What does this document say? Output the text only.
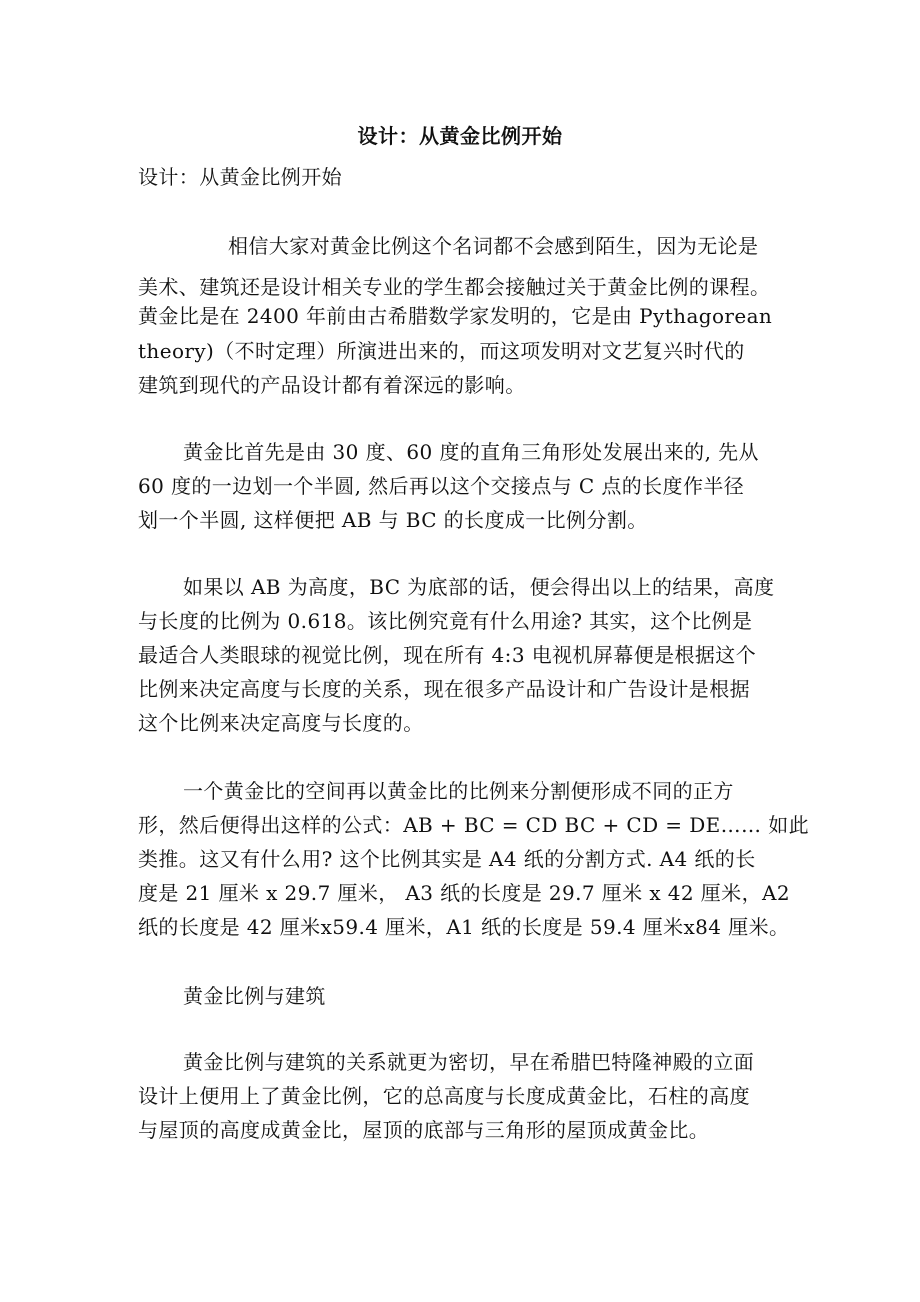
设计：从黄金比例开始
设计：从黄金比例开始
相信大家对黄金比例这个名词都不会感到陌生，因为无论是
美术、建筑还是设计相关专业的学生都会接触过关于黄金比例的课程。
黄金比是在 2400 年前由古希腊数学家发明的，它是由 Pythagorean
theory)（不时定理）所演进出来的，而这项发明对文艺复兴时代的
建筑到现代的产品设计都有着深远的影响。
黄金比首先是由 30 度、60 度的直角三角形处发展出来的, 先从
60 度的一边划一个半圆, 然后再以这个交接点与 C 点的长度作半径
划一个半圆, 这样便把 AB 与 BC 的长度成一比例分割。
如果以 AB 为高度，BC 为底部的话，便会得出以上的结果，高度
与长度的比例为 0.618。该比例究竟有什么用途? 其实，这个比例是
最适合人类眼球的视觉比例，现在所有 4:3 电视机屏幕便是根据这个
比例来决定高度与长度的关系，现在很多产品设计和广告设计是根据
这个比例来决定高度与长度的。
一个黄金比的空间再以黄金比的比例来分割便形成不同的正方
形，然后便得出这样的公式：AB + BC = CD BC + CD = DE…… 如此
类推。这又有什么用? 这个比例其实是 A4 纸的分割方式. A4 纸的长
度是 21 厘米 x 29.7 厘米， A3 纸的长度是 29.7 厘米 x 42 厘米，A2
纸的长度是 42 厘米x59.4 厘米，A1 纸的长度是 59.4 厘米x84 厘米。
黄金比例与建筑
黄金比例与建筑的关系就更为密切，早在希腊巴特隆神殿的立面
设计上便用上了黄金比例，它的总高度与长度成黄金比，石柱的高度
与屋顶的高度成黄金比，屋顶的底部与三角形的屋顶成黄金比。
